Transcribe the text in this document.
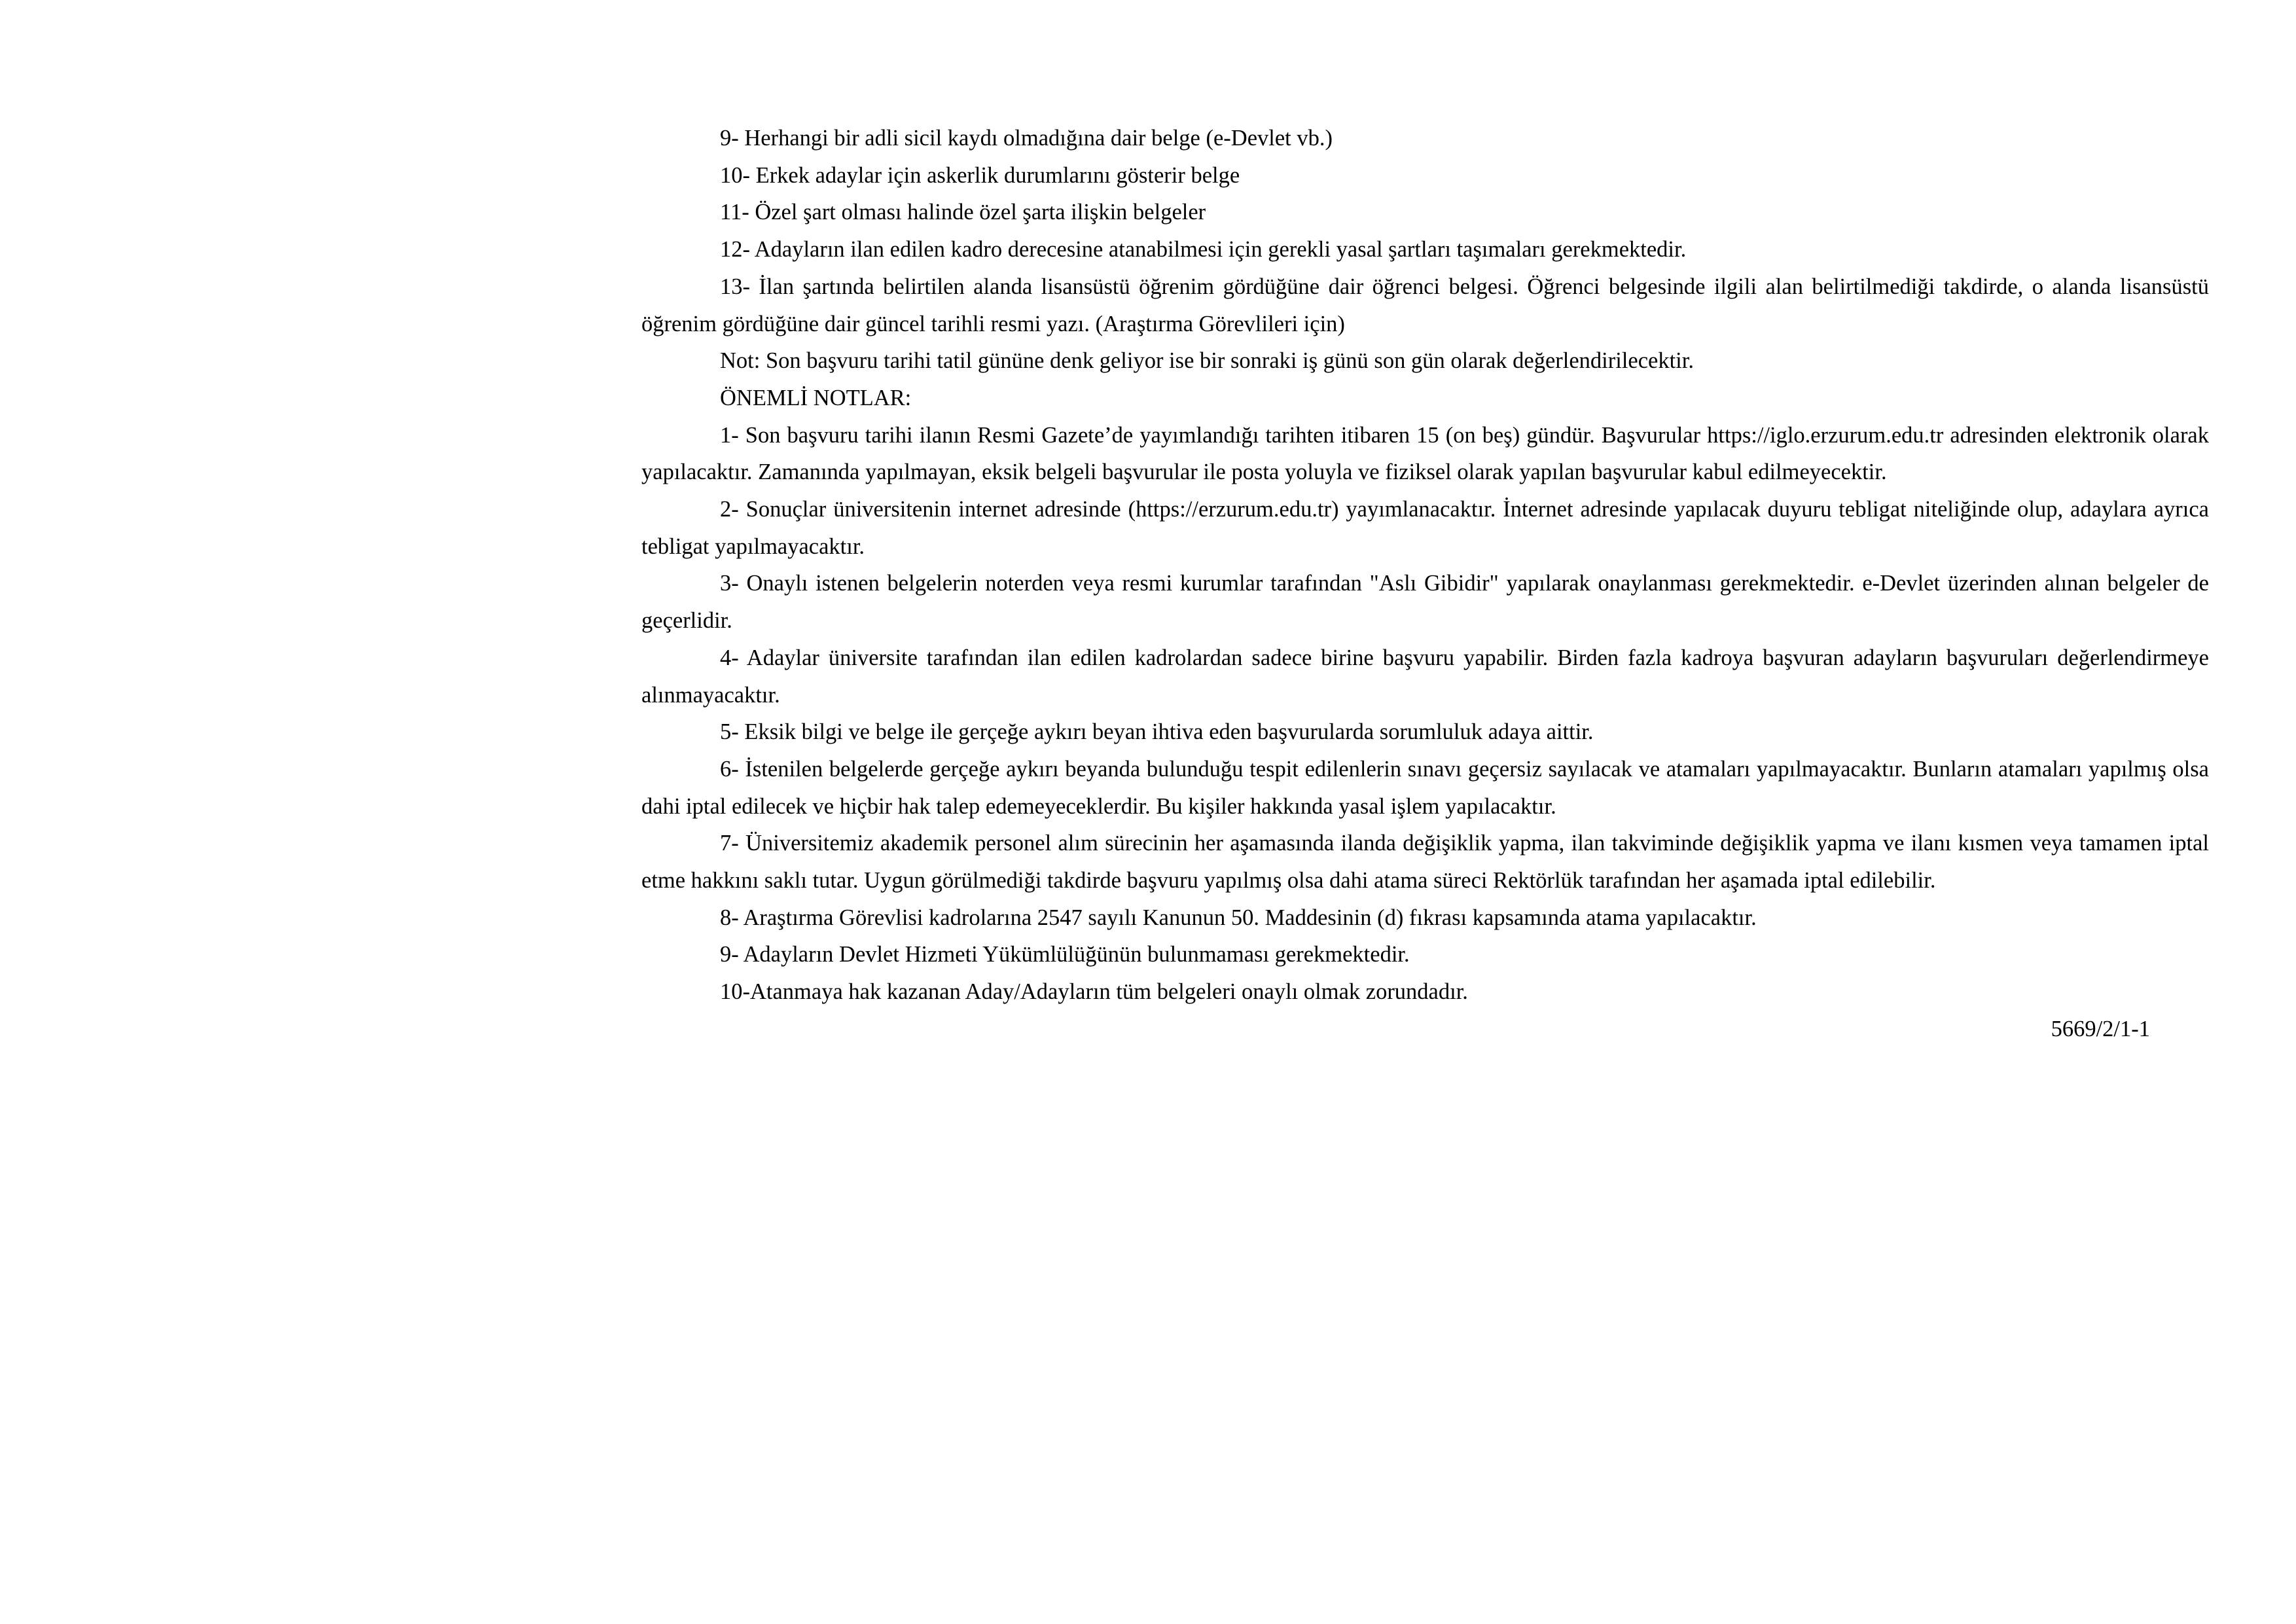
9- Herhangi bir adli sicil kaydı olmadığına dair belge (e-Devlet vb.)

10- Erkek adaylar için askerlik durumlarını gösterir belge

11- Özel şart olması halinde özel şarta ilişkin belgeler

12- Adayların ilan edilen kadro derecesine atanabilmesi için gerekli yasal şartları taşımaları gerekmektedir.

13- İlan şartında belirtilen alanda lisansüstü öğrenim gördüğüne dair öğrenci belgesi. Öğrenci belgesinde ilgili alan belirtilmediği takdirde, o alanda lisansüstü öğrenim gördüğüne dair güncel tarihli resmi yazı. (Araştırma Görevlileri için)

Not: Son başvuru tarihi tatil gününe denk geliyor ise bir sonraki iş günü son gün olarak değerlendirilecektir.

ÖNEMLİ NOTLAR:

1- Son başvuru tarihi ilanın Resmi Gazete’de yayımlandığı tarihten itibaren 15 (on beş) gündür. Başvurular https://iglo.erzurum.edu.tr adresinden elektronik olarak yapılacaktır. Zamanında yapılmayan, eksik belgeli başvurular ile posta yoluyla ve fiziksel olarak yapılan başvurular kabul edilmeyecektir.

2- Sonuçlar üniversitenin internet adresinde (https://erzurum.edu.tr) yayımlanacaktır. İnternet adresinde yapılacak duyuru tebligat niteliğinde olup, adaylara ayrıca tebligat yapılmayacaktır.

3- Onaylı istenen belgelerin noterden veya resmi kurumlar tarafından "Aslı Gibidir" yapılarak onaylanması gerekmektedir. e-Devlet üzerinden alınan belgeler de geçerlidir.

4- Adaylar üniversite tarafından ilan edilen kadrolardan sadece birine başvuru yapabilir. Birden fazla kadroya başvuran adayların başvuruları değerlendirmeye alınmayacaktır.

5- Eksik bilgi ve belge ile gerçeğe aykırı beyan ihtiva eden başvurularda sorumluluk adaya aittir.

6- İstenilen belgelerde gerçeğe aykırı beyanda bulunduğu tespit edilenlerin sınavı geçersiz sayılacak ve atamaları yapılmayacaktır. Bunların atamaları yapılmış olsa dahi iptal edilecek ve hiçbir hak talep edemeyeceklerdir. Bu kişiler hakkında yasal işlem yapılacaktır.

7- Üniversitemiz akademik personel alım sürecinin her aşamasında ilanda değişiklik yapma, ilan takviminde değişiklik yapma ve ilanı kısmen veya tamamen iptal etme hakkını saklı tutar. Uygun görülmediği takdirde başvuru yapılmış olsa dahi atama süreci Rektörlük tarafından her aşamada iptal edilebilir.

8- Araştırma Görevlisi kadrolarına 2547 sayılı Kanunun 50. Maddesinin (d) fıkrası kapsamında atama yapılacaktır.

9- Adayların Devlet Hizmeti Yükümlülüğünün bulunmaması gerekmektedir.

10-Atanmaya hak kazanan Aday/Adayların tüm belgeleri onaylı olmak zorundadır.

5669/2/1-1
